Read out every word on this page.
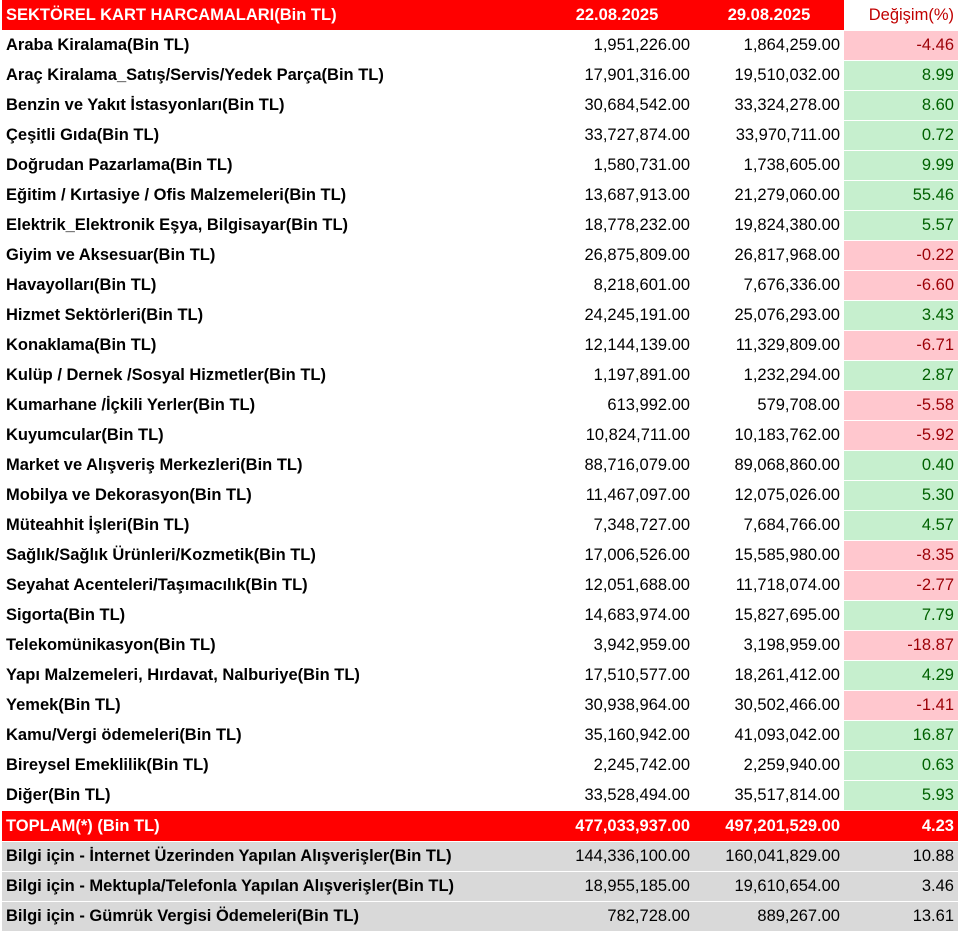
SEKTÖREL KART HARCAMALARI(Bin TL)	22.08.2025	29.08.2025	Değişim(%)
Araba Kiralama(Bin TL)	1,951,226.00	1,864,259.00	-4.46
Araç Kiralama_Satış/Servis/Yedek Parça(Bin TL)	17,901,316.00	19,510,032.00	8.99
Benzin ve Yakıt İstasyonları(Bin TL)	30,684,542.00	33,324,278.00	8.60
Çeşitli Gıda(Bin TL)	33,727,874.00	33,970,711.00	0.72
Doğrudan Pazarlama(Bin TL)	1,580,731.00	1,738,605.00	9.99
Eğitim / Kırtasiye / Ofis Malzemeleri(Bin TL)	13,687,913.00	21,279,060.00	55.46
Elektrik_Elektronik Eşya, Bilgisayar(Bin TL)	18,778,232.00	19,824,380.00	5.57
Giyim ve Aksesuar(Bin TL)	26,875,809.00	26,817,968.00	-0.22
Havayolları(Bin TL)	8,218,601.00	7,676,336.00	-6.60
Hizmet Sektörleri(Bin TL)	24,245,191.00	25,076,293.00	3.43
Konaklama(Bin TL)	12,144,139.00	11,329,809.00	-6.71
Kulüp / Dernek /Sosyal Hizmetler(Bin TL)	1,197,891.00	1,232,294.00	2.87
Kumarhane /İçkili Yerler(Bin TL)	613,992.00	579,708.00	-5.58
Kuyumcular(Bin TL)	10,824,711.00	10,183,762.00	-5.92
Market ve Alışveriş Merkezleri(Bin TL)	88,716,079.00	89,068,860.00	0.40
Mobilya ve Dekorasyon(Bin TL)	11,467,097.00	12,075,026.00	5.30
Müteahhit İşleri(Bin TL)	7,348,727.00	7,684,766.00	4.57
Sağlık/Sağlık Ürünleri/Kozmetik(Bin TL)	17,006,526.00	15,585,980.00	-8.35
Seyahat Acenteleri/Taşımacılık(Bin TL)	12,051,688.00	11,718,074.00	-2.77
Sigorta(Bin TL)	14,683,974.00	15,827,695.00	7.79
Telekomünikasyon(Bin TL)	3,942,959.00	3,198,959.00	-18.87
Yapı Malzemeleri, Hırdavat, Nalburiye(Bin TL)	17,510,577.00	18,261,412.00	4.29
Yemek(Bin TL)	30,938,964.00	30,502,466.00	-1.41
Kamu/Vergi ödemeleri(Bin TL)	35,160,942.00	41,093,042.00	16.87
Bireysel Emeklilik(Bin TL)	2,245,742.00	2,259,940.00	0.63
Diğer(Bin TL)	33,528,494.00	35,517,814.00	5.93
TOPLAM(*) (Bin TL)	477,033,937.00	497,201,529.00	4.23
Bilgi için - İnternet Üzerinden Yapılan Alışverişler(Bin TL)	144,336,100.00	160,041,829.00	10.88
Bilgi için - Mektupla/Telefonla Yapılan Alışverişler(Bin TL)	18,955,185.00	19,610,654.00	3.46
Bilgi için - Gümrük Vergisi Ödemeleri(Bin TL)	782,728.00	889,267.00	13.61
